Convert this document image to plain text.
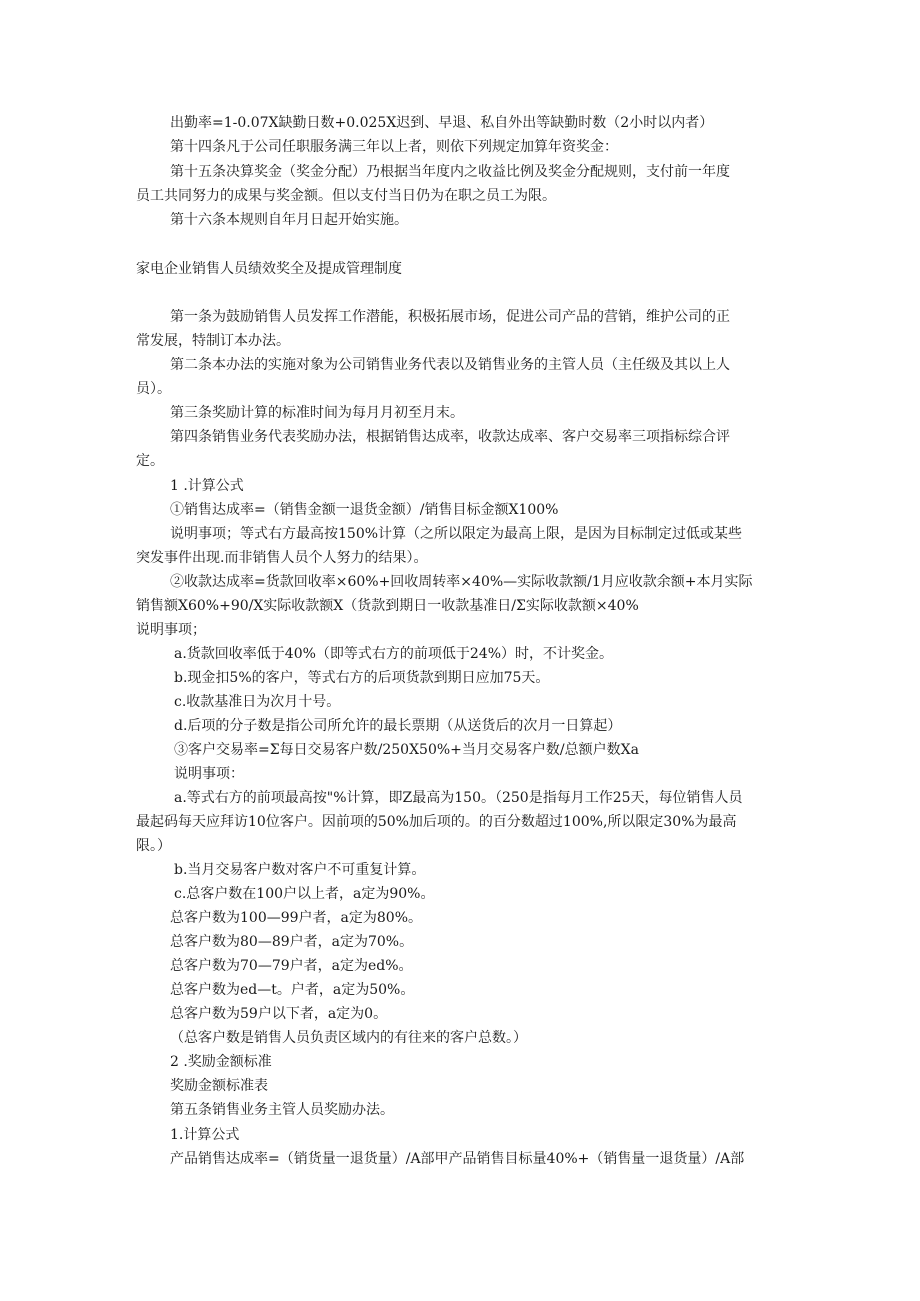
出勤率=1-0.07X缺勤日数+0.025X迟到、早退、私自外出等缺勤时数（2小时以内者）

第十四条凡于公司任职服务满三年以上者，则依下列规定加算年资奖金：

第十五条决算奖金（奖金分配）乃根据当年度内之收益比例及奖金分配规则，支付前一年度

员工共同努力的成果与奖金额。但以支付当日仍为在职之员工为限。

第十六条本规则自年月日起开始实施。

家电企业销售人员绩效奖全及提成管理制度

第一条为鼓励销售人员发挥工作潜能，积极拓展市场，促进公司产品的营销，维护公司的正

常发展，特制订本办法。

第二条本办法的实施对象为公司销售业务代表以及销售业务的主管人员（主任级及其以上人

员）。

第三条奖励计算的标准时间为每月月初至月末。

第四条销售业务代表奖励办法，根据销售达成率，收款达成率、客户交易率三项指标综合评

定。

1 .计算公式

①销售达成率=（销售金额一退货金额）/销售目标金额X100%

说明事项；等式右方最高按150%计算（之所以限定为最高上限，是因为目标制定过低或某些

突发事件出现.而非销售人员个人努力的结果）。

②收款达成率=货款回收率×60%+回收周转率×40%—实际收款额/1月应收款余额+本月实际

销售额X60%+90/X实际收款额X（货款到期日一收款基准日/Σ实际收款额×40%

说明事项；

a.货款回收率低于40%（即等式右方的前项低于24%）时，不计奖金。

b.现金扣5%的客户，等式右方的后项货款到期日应加75天。

c.收款基准日为次月十号。

d.后项的分子数是指公司所允许的最长票期（从送货后的次月一日算起）

③客户交易率=Σ每日交易客户数/250X50%+当月交易客户数/总额户数Xa

说明事项：

a.等式右方的前项最高按"%计算，即Z最高为150。（250是指每月工作25天，每位销售人员

最起码每天应拜访10位客户。因前项的50%加后项的。的百分数超过100%,所以限定30%为最高

限。）

b.当月交易客户数对客户不可重复计算。

c.总客户数在100户以上者，a定为90%。

总客户数为100—99户者，a定为80%。

总客户数为80—89户者，a定为70%。

总客户数为70—79户者，a定为ed%。

总客户数为ed—t。户者，a定为50%。

总客户数为59户以下者，a定为0。

（总客户数是销售人员负责区域内的有往来的客户总数。）

2 .奖励金额标准

奖励金额标准表

第五条销售业务主管人员奖励办法。

1.计算公式

产品销售达成率=（销货量一退货量）/A部甲产品销售目标量40%+（销售量一退货量）/A部
